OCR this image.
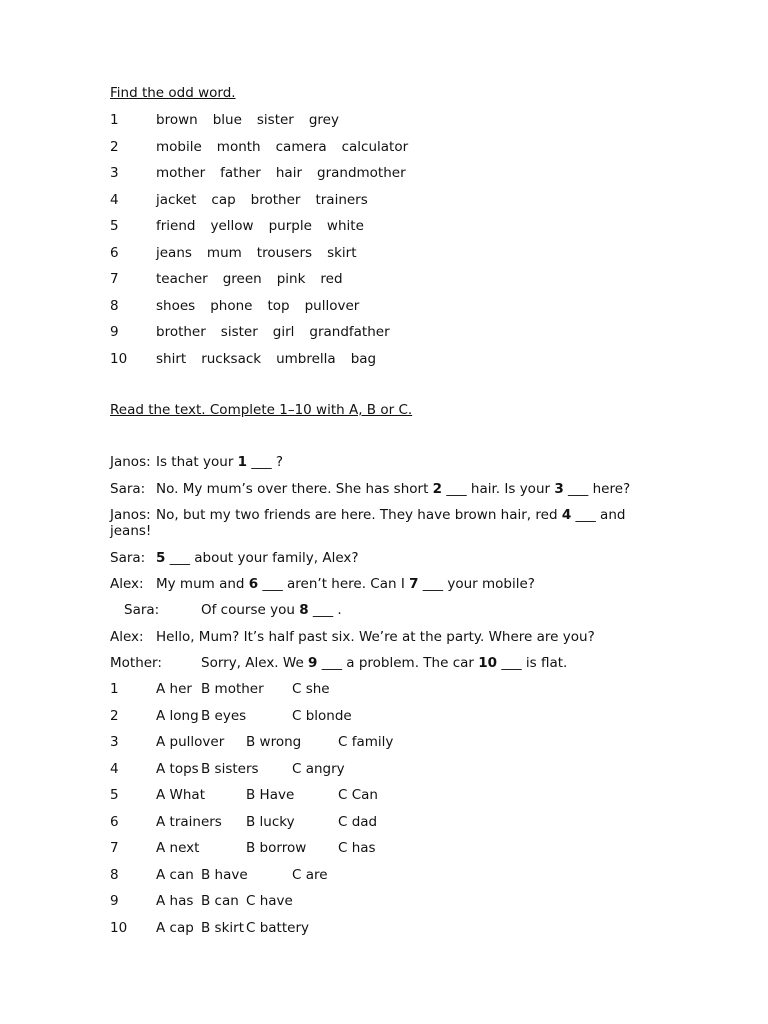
Find the odd word.
1	brown blue sister grey
2	mobile month camera calculator
3	mother father hair grandmother
4	jacket cap brother trainers
5	friend yellow purple white
6	jeans mum trousers skirt
7	teacher green pink red
8	shoes phone top pullover
9	brother sister girl grandfather
10 shirt rucksack umbrella bag
Read the text. Complete 1–10 with A, B or C.
Janos: Is that your 1 ___ ?
Sara: No. My mum’s over there. She has short 2 ___ hair. Is your 3 ___ here?
Janos: No, but my two friends are here. They have brown hair, red 4 ___ and
jeans!
Sara: 5 ___ about your family, Alex?
Alex: My mum and 6 ___ aren’t here. Can I 7 ___ your mobile?
Sara:	Of course you 8 ___ .
Alex: Hello, Mum? It’s half past six. We’re at the party. Where are you?
Mother:	Sorry, Alex. We 9 ___ a problem. The car 10 ___ is flat.
1	A her B mother C she
2	A long B eyes	C blonde
3	A pullover B wrong	C family
4	A tops B sisters C angry
5	A What	B Have	C Can
6	A trainers B lucky	C dad
7	A next	B borrow C has
8	A can B have	C are
9	A has B can C have
10 A cap B skirt C battery
